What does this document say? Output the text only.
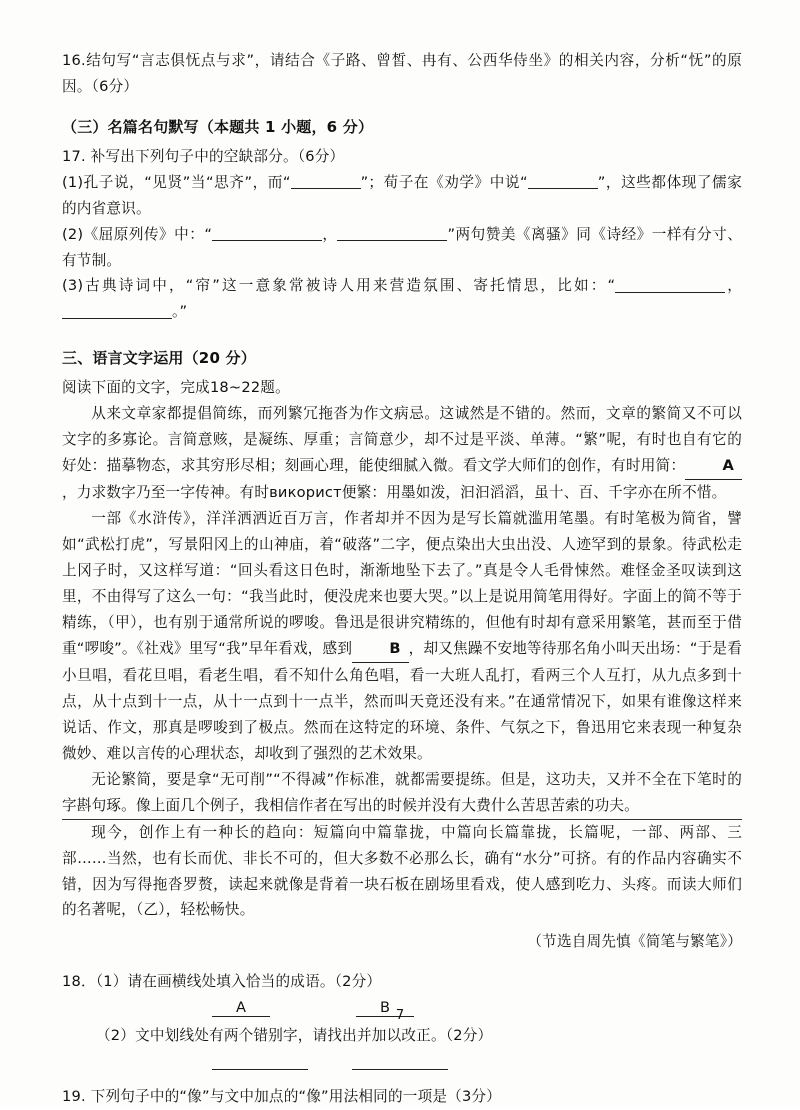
16.结句写“言志俱怃点与求”，请结合《子路、曾皙、冉有、公西华侍坐》的相关内容，分析“怃”的原因。（6分）

（三）名篇名句默写（本题共 1 小题，6 分）

17. 补写出下列句子中的空缺部分。（6分）

(1)孔子说，“见贤”当“思齐”，而“	”；荀子在《劝学》中说“	”，这些都体现了儒家的内省意识。

(2)《屈原列传》中：“	，	”两句赞美《离骚》同《诗经》一样有分寸、有节制。

(3)古典诗词中，“帘”这一意象常被诗人用来营造氛围、寄托情思，比如：“	，。”

三、语言文字运用（20 分）

阅读下面的文字，完成18~22题。

从来文章家都提倡简练，而列繁冗拖沓为作文病忌。这诚然是不错的。然而，文章的繁简又不可以文字的多寡论。言简意赅，是凝练、厚重；言简意少，却不过是平淡、单薄。“繁”呢，有时也自有它的好处：描摹物态，求其穷形尽相；刻画心理，能使细腻入微。看文学大师们的创作，有时用简：	A，力求数字乃至一字传神。有时використ便繁：用墨如泼，汩汩滔滔，虽十、百、千字亦在所不惜。

一部《水浒传》，洋洋洒洒近百万言，作者却并不因为是写长篇就滥用笔墨。有时笔极为简省，譬如“武松打虎”，写景阳冈上的山神庙，着“破落”二字，便点染出大虫出没、人迹罕到的景象。待武松走上冈子时，又这样写道：“回头看这日色时，渐渐地坠下去了。”真是令人毛骨悚然。难怪金圣叹读到这里，不由得写了这么一句：“我当此时，便没虎来也要大哭。”以上是说用简笔用得好。字面上的简不等于精练，（甲），也有别于通常所说的啰唆。鲁迅是很讲究精练的，但他有时却有意采用繁笔，甚而至于借重“啰唆”。《社戏》里写“我”早年看戏，感到	B ，却又焦躁不安地等待那名角小叫天出场：“于是看小旦唱，看花旦唱，看老生唱，看不知什么角色唱，看一大班人乱打，看两三个人互打，从九点多到十点，从十点到十一点，从十一点到十一点半，然而叫天竟还没有来。”在通常情况下，如果有谁像这样来说话、作文，那真是啰唆到了极点。然而在这特定的环境、条件、气氛之下，鲁迅用它来表现一种复杂微妙、难以言传的心理状态，却收到了强烈的艺术效果。

无论繁简，要是拿“无可削”“不得减”作标准，就都需要提练。但是，这功夫，又并不全在下笔时的字斟句琢。像上面几个例子，我相信作者在写出的时候并没有大费什么苦思苦索的功夫。

现今，创作上有一种长的趋向：短篇向中篇靠拢，中篇向长篇靠拢，长篇呢，一部、两部、三部……当然，也有长而优、非长不可的，但大多数不必那么长，确有“水分”可挤。有的作品内容确实不错，因为写得拖沓罗赘，读起来就像是背着一块石板在剧场里看戏，使人感到吃力、头疼。而读大师们的名著呢，（乙），轻松畅快。

（节选自周先慎《简笔与繁笔》）

18．（1）请在画横线处填入恰当的成语。（2分）

A	B

（2）文中划线处有两个错别字，请找出并加以改正。（2分）

19. 下列句子中的“像”与文中加点的“像”用法相同的一项是（3分）

7
